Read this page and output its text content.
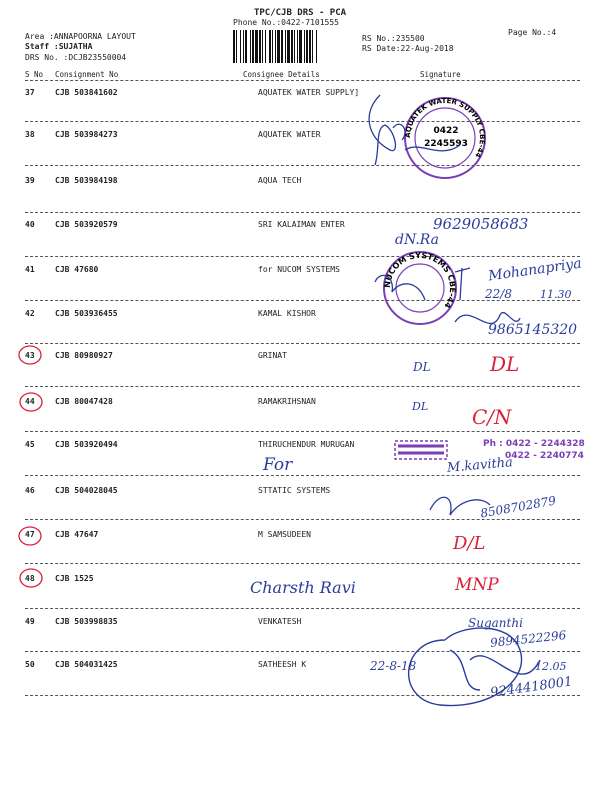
TPC/CJB DRS - PCA
Phone No.:0422-7101555
Area :ANNAPOORNA LAYOUT
Staff :SUJATHA
DRS No. :DCJB23550004
RS No.:235500
RS Date:22-Aug-2018
Page No.:4
S No Consignment No	Consignee Details	Signature
37	CJB 503841602	AQUATEK WATER SUPPLY]
38	CJB 503984273	AQUATEK WATER
39	CJB 503984198	AQUA TECH
40	CJB 503920579	SRI KALAIMAN ENTER
41	CJB 47680	for NUCOM SYSTEMS
42	CJB 503936455	KAMAL KISHOR
43	CJB 80980927	GRINAT
44	CJB 80047428	RAMAKRIHSNAN
45	CJB 503920494	THIRUCHENDUR MURUGAN
46	CJB 504028045	STTATIC SYSTEMS
47	CJB 47647	M SAMSUDEEN
48	CJB 1525
49	CJB 503998835	VENKATESH
50	CJB 504031425	SATHEESH K
AQUATEK WATER SUPPLY CBE-44
0422
2245593
NUCOM SYSTEMS CBE-44
Ph : 0422 - 2244328
0422 - 2240774
9629058683
dN.Ra
Mohanapriya
22/8	11.30
9865145320
DL	DL
DL C/N
For	M.kavitha
8508702879
D/L
Charsth Ravi	MNP
Suganthi
9894522296
22-8-18	12.05
9244418001
